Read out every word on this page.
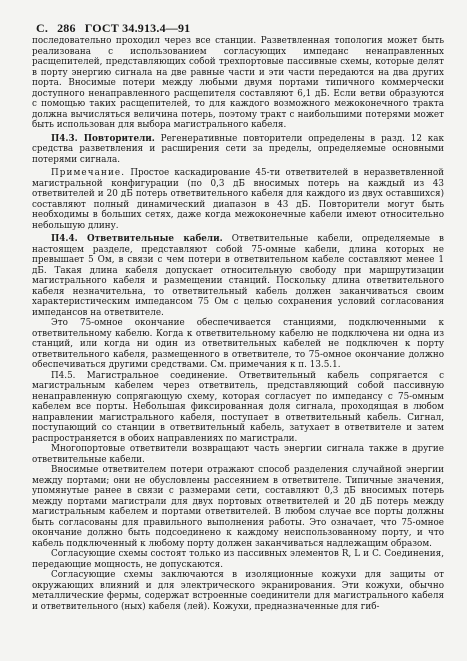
С. 286 ГОСТ 34.913.4—91

последовательно проходил через все станции. Разветвленная топология может быть реализована с использованием согласующих импеданс ненаправленных расщепителей, представляющих собой трехпортовые пассивные схемы, которые делят в порту энергию сигнала на две равные части и эти части передаются на два других порта. Вносимые потери между любыми двумя портами типичного коммерчески доступного ненаправленного расщепителя составляют 6,1 дБ. Если ветви образуются с помощью таких расщепителей, то для каждого возможного межоконечного тракта должна вычисляться величина потерь, поэтому тракт с наибольшими потерями может быть использован для выбора магистрального кабеля.

П4.3. Повторители. Регенеративные повторители определены в разд. 12 как средства разветвления и расширения сети за пределы, определяемые основными потерями сигнала.

Примечание. Простое каскадирование 45-ти ответвителей в неразветвленной магистральной конфигурации (по 0,3 дБ вносимых потерь на каждый из 43 ответвителей и 20 дБ потерь ответвительного кабеля для каждого из двух оставшихся) составляют полный динамический диапазон в 43 дБ. Повторители могут быть необходимы в больших сетях, даже когда межоконечные кабели имеют относительно небольшую длину.

П4.4. Ответвительные кабели. Ответвительные кабели, определяемые в настоящем разделе, представляют собой 75-омные кабели, длина которых не превышает 5 Ом, в связи с чем потери в ответвительном кабеле составляют менее 1 дБ. Такая длина кабеля допускает относительную свободу при маршрутизации магистрального кабеля и размещении станций. Поскольку длина ответвительного кабеля незначительна, то ответвительный кабель должен заканчиваться своим характеристическим импедансом 75 Ом с целью сохранения условий согласования импедансов на ответвителе.

Это 75-омное окончание обеспечивается станциями, подключенными к ответвительному кабелю. Когда к ответвительному кабелю не подключена ни одна из станций, или когда ни один из ответвительных кабелей не подключен к порту ответвительного кабеля, размещенного в ответвителе, то 75-омное окончание должно обеспечиваться другими средствами. См. примечания к п. 13.5.1.

П4.5. Магистральное соединение. Ответвительный кабель сопрягается с магистральным кабелем через ответвитель, представляющий собой пассивную ненаправленную сопрягающую схему, которая согласует по импедансу с 75-омным кабелем все порты. Небольшая фиксированная доля сигнала, проходящая в любом направлении магистрального кабеля, поступает в ответвительный кабель. Сигнал, поступающий со станции в ответвительный кабель, затухает в ответвителе и затем распространяется в обоих направлениях по магистрали.

Многопортовые ответвители возвращают часть энергии сигнала также в другие ответвительные кабели.

Вносимые ответвителем потери отражают способ разделения случайной энергии между портами; они не обусловлены рассеянием в ответвителе. Типичные значения, упомянутые ранее в связи с размерами сети, составляют 0,3 дБ вносимых потерь между портами магистрали для двух портовых ответвителей и 20 дБ потерь между магистральным кабелем и портами ответвителей. В любом случае все порты должны быть согласованы для правильного выполнения работы. Это означает, что 75-омное окончание должно быть подсоединено к каждому неиспользованному порту, и что кабель подключенный к любому порту должен заканчиваться надлежащим образом.

Согласующие схемы состоят только из пассивных элементов R, L и C. Соединения, передающие мощность, не допускаются.

Согласующие схемы заключаются в изоляционные кожухи для защиты от окружающих влияний и для электрического экранирования. Эти кожухи, обычно металлические фермы, содержат встроенные соединители для магистрального кабеля и ответвительного (ных) кабеля (лей). Кожухи, предназначенные для гиб-
